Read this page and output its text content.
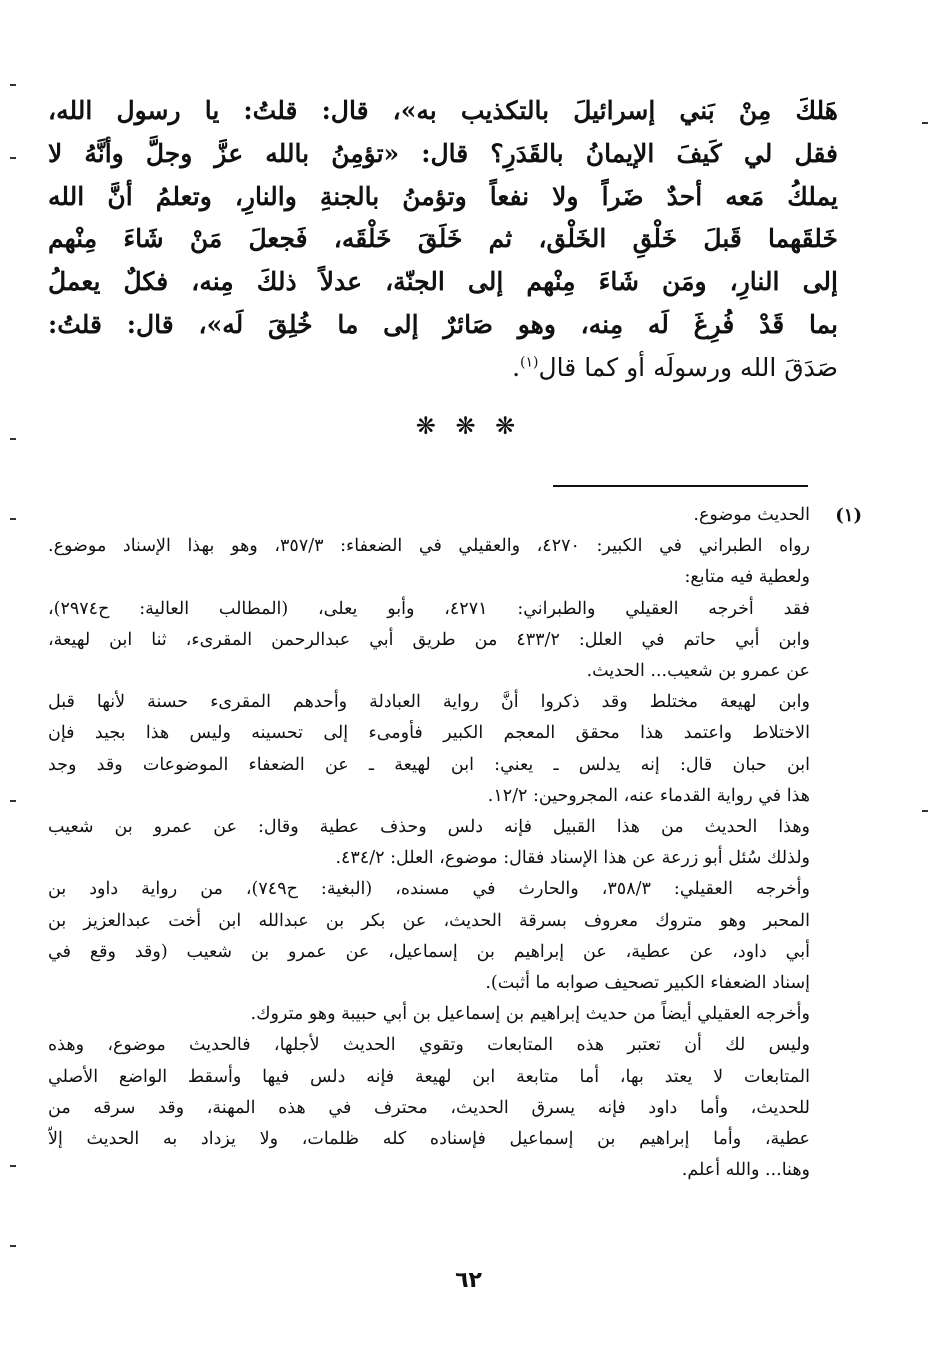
هَلكَ مِنْ بَني إسرائيلَ بالتكذيب به»، قال: قلتُ: يا رسول الله،
فقل لي كَيفَ الإيمانُ بالقَدَرِ؟ قال: «تؤمِنُ بالله عزَّ وجلَّ وأنَّهُ لا
يملكُ مَعه أحدٌ ضَراً ولا نفعاً وتؤمنُ بالجنةِ والنارِ، وتعلمُ أنَّ الله
خَلقَهما قَبلَ خَلْقِ الخَلْق، ثم خَلَقَ خَلْقَه، فَجعلَ مَنْ شَاءَ مِنْهم
إلى النارِ، ومَن شَاءَ مِنْهم إلى الجنّة، عدلاً ذلكَ مِنه، فكلٌ يعملُ
بما قَدْ فُرِغَ لَه مِنه، وهو صَائرٌ إلى ما خُلِقَ لَه»، قال: قلتُ:
صَدَقَ الله ورسولَه أو كما قال$^{(١)}$.
❋ ❋ ❋
(١)
الحديث موضوع.
رواه الطبراني في الكبير: ٤٢٧٠، والعقيلي في الضعفاء: ٣٥٧/٣، وهو بهذا الإسناد موضوع.
ولعطية فيه متابع:
فقد أخرجه العقيلي والطبراني: ٤٢٧١، وأبو يعلى، (المطالب العالية: ح٢٩٧٤)،
وابن أبي حاتم في العلل: ٤٣٣/٢ من طريق أبي عبدالرحمن المقرىء، ثنا ابن لهيعة،
عن عمرو بن شعيب... الحديث.
وابن لهيعة مختلط وقد ذكروا أنَّ رواية العبادلة وأحدهم المقرىء حسنة لأنها قبل
الاختلاط واعتمد هذا محقق المعجم الكبير فأومىء إلى تحسينه وليس هذا بجيد فإن
ابن حبان قال: إنه يدلس ـ يعني: ابن لهيعة ـ عن الضعفاء الموضوعات وقد وجد
هذا في رواية القدماء عنه، المجروحين: ١٢/٢.
وهذا الحديث من هذا القبيل فإنه دلس وحذف عطية وقال: عن عمرو بن شعيب
ولذلك سُئل أبو زرعة عن هذا الإسناد فقال: موضوع، العلل: ٤٣٤/٢.
وأخرجه العقيلي: ٣٥٨/٣، والحارث في مسنده، (البغية: ح٧٤٩)، من رواية داود بن
المحبر وهو متروك معروف بسرقة الحديث، عن بكر بن عبدالله ابن أخت عبدالعزيز بن
أبي داود، عن عطية، عن إبراهيم بن إسماعيل، عن عمرو بن شعيب (وقد وقع في
إسناد الضعفاء الكبير تصحيف صوابه ما أثبت).
وأخرجه العقيلي أيضاً من حديث إبراهيم بن إسماعيل بن أبي حبيبة وهو متروك.
وليس لك أن تعتبر هذه المتابعات وتقوي الحديث لأجلها، فالحديث موضوع، وهذه
المتابعات لا يعتد بها، أما متابعة ابن لهيعة فإنه دلس فيها وأسقط الواضع الأصلي
للحديث، وأما داود فإنه يسرق الحديث، محترف في هذه المهنة، وقد سرقه من
عطية، وأما إبراهيم بن إسماعيل فإسناده كله ظلمات، ولا يزداد به الحديث إلاّ
وهنا... والله أعلم.
٦٢
